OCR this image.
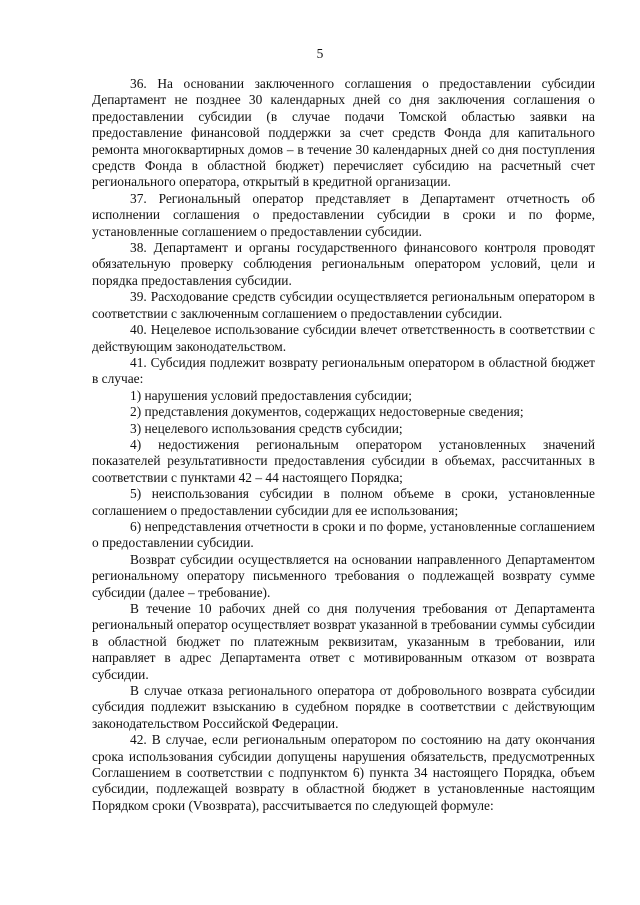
5

36. На основании заключенного соглашения о предоставлении субсидии Департамент не позднее 30 календарных дней со дня заключения соглашения о предоставлении субсидии (в случае подачи Томской областью заявки на предоставление финансовой поддержки за счет средств Фонда для капитального ремонта многоквартирных домов – в течение 30 календарных дней со дня поступления средств Фонда в областной бюджет) перечисляет субсидию на расчетный счет регионального оператора, открытый в кредитной организации.

37. Региональный оператор представляет в Департамент отчетность об исполнении соглашения о предоставлении субсидии в сроки и по форме, установленные соглашением о предоставлении субсидии.

38. Департамент и органы государственного финансового контроля проводят обязательную проверку соблюдения региональным оператором условий, цели и порядка предоставления субсидии.

39. Расходование средств субсидии осуществляется региональным оператором в соответствии с заключенным соглашением о предоставлении субсидии.

40. Нецелевое использование субсидии влечет ответственность в соответствии с действующим законодательством.

41. Субсидия подлежит возврату региональным оператором в областной бюджет в случае:

1) нарушения условий предоставления субсидии;

2) представления документов, содержащих недостоверные сведения;

3) нецелевого использования средств субсидии;

4) недостижения региональным оператором установленных значений показателей результативности предоставления субсидии в объемах, рассчитанных в соответствии с пунктами 42 – 44 настоящего Порядка;

5) неиспользования субсидии в полном объеме в сроки, установленные соглашением о предоставлении субсидии для ее использования;

6) непредставления отчетности в сроки и по форме, установленные соглашением о предоставлении субсидии.

Возврат субсидии осуществляется на основании направленного Департаментом региональному оператору письменного требования о подлежащей возврату сумме субсидии (далее – требование).

В течение 10 рабочих дней со дня получения требования от Департамента региональный оператор осуществляет возврат указанной в требовании суммы субсидии в областной бюджет по платежным реквизитам, указанным в требовании, или направляет в адрес Департамента ответ с мотивированным отказом от возврата субсидии.

В случае отказа регионального оператора от добровольного возврата субсидии субсидия подлежит взысканию в судебном порядке в соответствии с действующим законодательством Российской Федерации.

42. В случае, если региональным оператором по состоянию на дату окончания срока использования субсидии допущены нарушения обязательств, предусмотренных Соглашением в соответствии с подпунктом 6) пункта 34 настоящего Порядка, объем субсидии, подлежащей возврату в областной бюджет в установленные настоящим Порядком сроки (Vвозврата), рассчитывается по следующей формуле:
